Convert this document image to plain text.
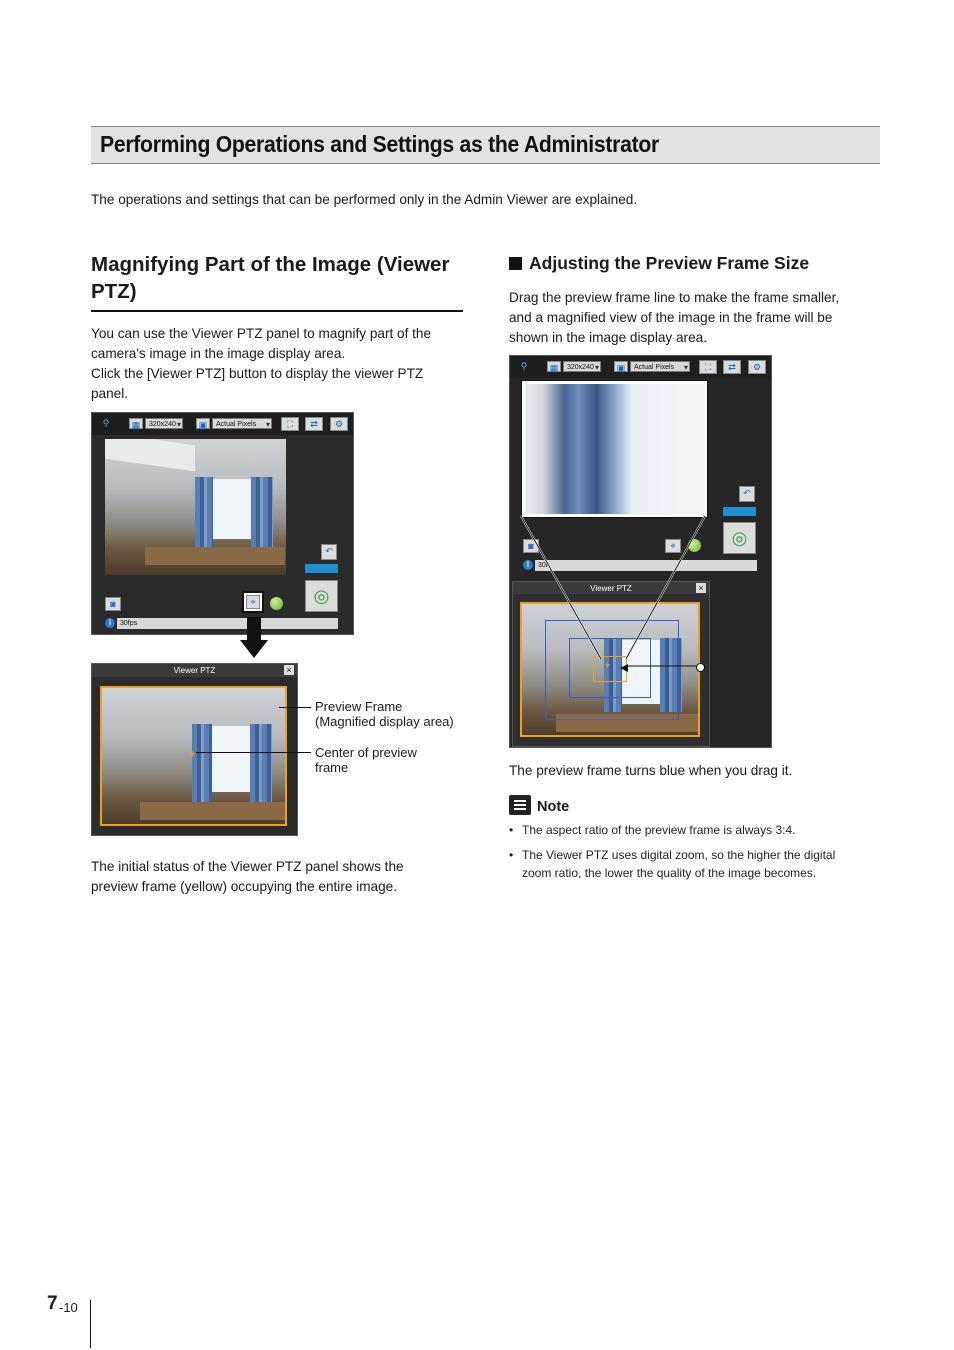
Performing Operations and Settings as the Administrator
The operations and settings that can be performed only in the Admin Viewer are explained.
Magnifying Part of the Image (Viewer PTZ)
You can use the Viewer PTZ panel to magnify part of the
camera's image in the image display area.
Click the [Viewer PTZ] button to display the viewer PTZ
panel.
⚲	▦	320x240 ▾	▣	Actual Pixels ▾	⛶	⇄	⚙
↶
◎
◙	⌖
i	30fps
Viewer PTZ	×
+
Preview Frame
(Magnified display area)
Center of preview
frame
The initial status of the Viewer PTZ panel shows the
preview frame (yellow) occupying the entire image.
Adjusting the Preview Frame Size
Drag the preview frame line to make the frame smaller,
and a magnified view of the image in the frame will be
shown in the image display area.
⚲	▦	320x240 ▾	▣	Actual Pixels ▾	⛶	⇄	⚙
↶
◎
◙	⌖
i	30f
Viewer PTZ	×
+
The preview frame turns blue when you drag it.
Note
• The aspect ratio of the preview frame is always 3:4.
• The Viewer PTZ uses digital zoom, so the higher the digital
zoom ratio, the lower the quality of the image becomes.
7 -10
